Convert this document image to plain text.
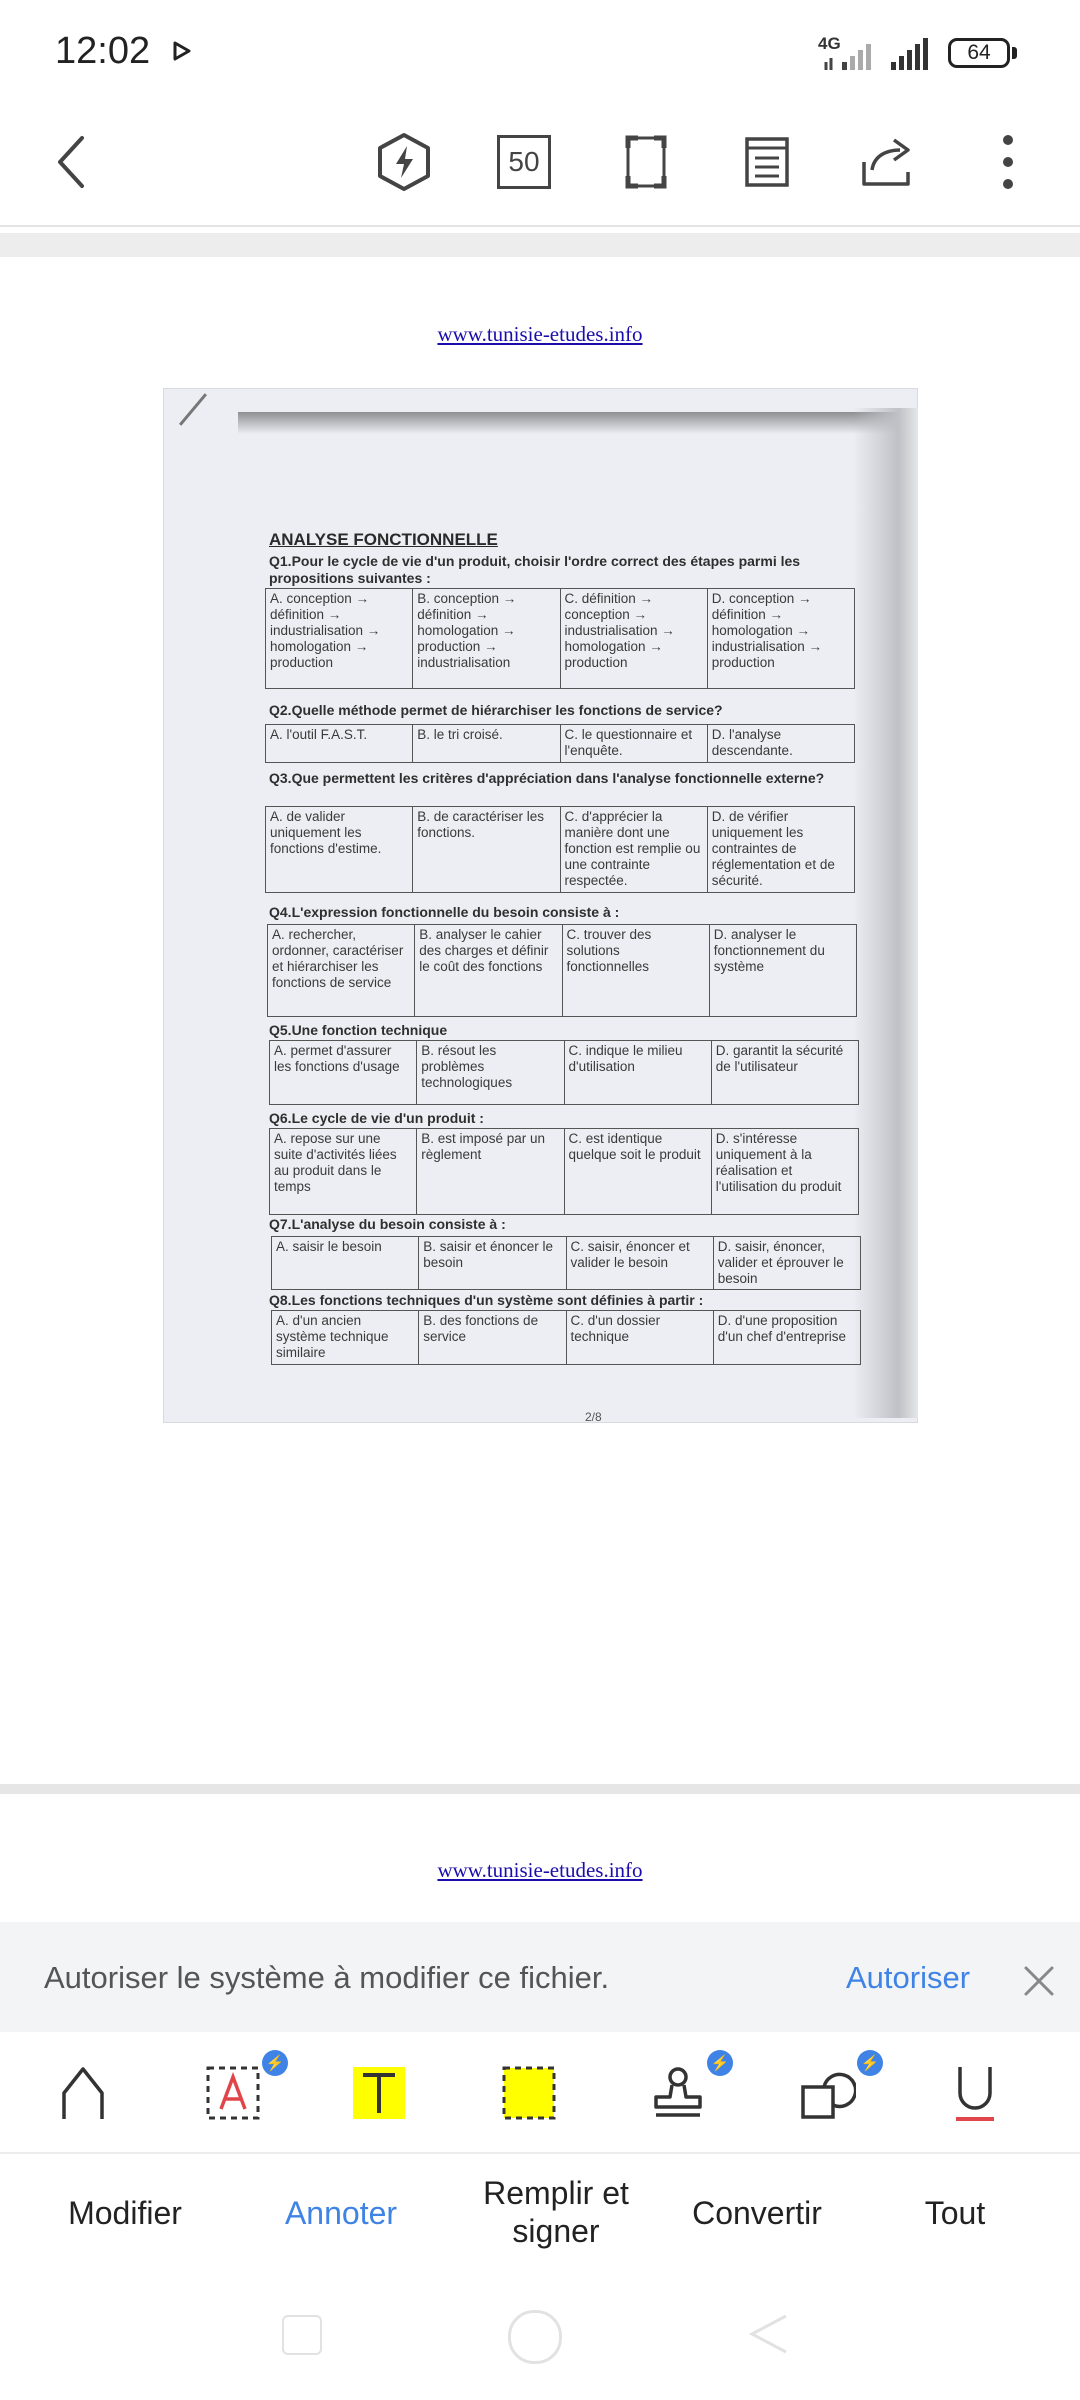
12:02	4G	64
50
www.tunisie-etudes.info
ANALYSE FONCTIONNELLE
Q1.Pour le cycle de vie d'un produit, choisir l'ordre correct des étapes parmi les propositions suivantes :
A. conception → définition → industrialisation → homologation → production	B. conception → définition → homologation → production → industrialisation	C. définition → conception → industrialisation → homologation → production	D. conception → définition → homologation → industrialisation → production
Q2.Quelle méthode permet de hiérarchiser les fonctions de service?
A. l'outil F.A.S.T.	B. le tri croisé.	C. le questionnaire et l'enquête.	D. l'analyse descendante.
Q3.Que permettent les critères d'appréciation dans l'analyse fonctionnelle externe?
A. de valider uniquement les fonctions d'estime.	B. de caractériser les fonctions.	C. d'apprécier la manière dont une fonction est remplie ou une contrainte respectée.	D. de vérifier uniquement les contraintes de réglementation et de sécurité.
Q4.L'expression fonctionnelle du besoin consiste à :
A. rechercher, ordonner, caractériser et hiérarchiser les fonctions de service	B. analyser le cahier des charges et définir le coût des fonctions	C. trouver des solutions fonctionnelles	D. analyser le fonctionnement du système
Q5.Une fonction technique
A. permet d'assurer les fonctions d'usage	B. résout les problèmes technologiques	C. indique le milieu d'utilisation	D. garantit la sécurité de l'utilisateur
Q6.Le cycle de vie d'un produit :
A. repose sur une suite d'activités liées au produit dans le temps	B. est imposé par un règlement	C. est identique quelque soit le produit	D. s'intéresse uniquement à la réalisation et l'utilisation du produit
Q7.L'analyse du besoin consiste à :
A. saisir le besoin	B. saisir et énoncer le besoin	C. saisir, énoncer et valider le besoin	D. saisir, énoncer, valider et éprouver le besoin
Q8.Les fonctions techniques d'un système sont définies à partir :
A. d'un ancien système technique similaire	B. des fonctions de service	C. d'un dossier technique	D. d'une proposition d'un chef d'entreprise
2/8
www.tunisie-etudes.info
Autoriser le système à modifier ce fichier.	Autoriser
⚡	⚡	⚡
Modifier	Annoter
Remplir et signer	Convertir	Tout
